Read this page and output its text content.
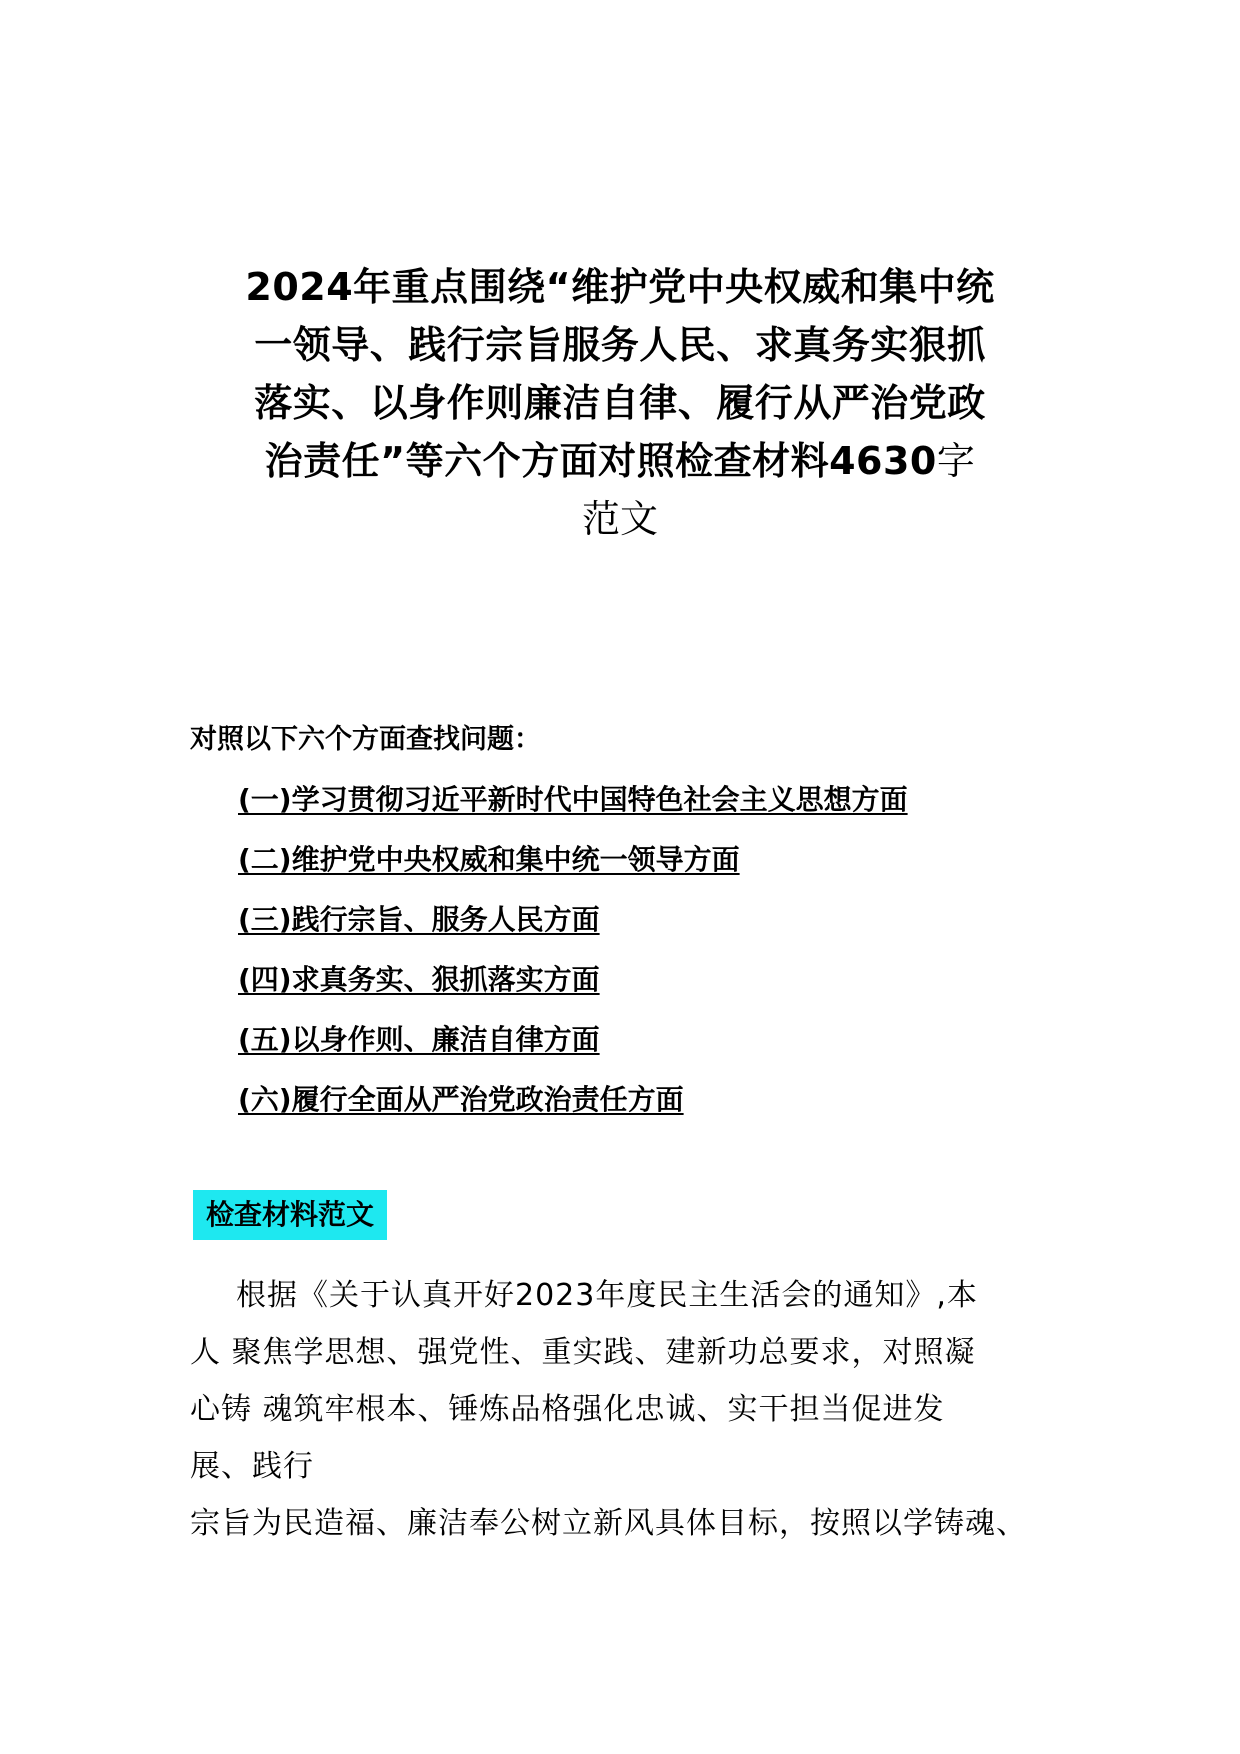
2024年重点围绕“维护党中央权威和集中统
一领导、践行宗旨服务人民、求真务实狠抓
落实、以身作则廉洁自律、履行从严治党政
治责任”等六个方面对照检查材料4630字
范文
对照以下六个方面查找问题：
(一)学习贯彻习近平新时代中国特色社会主义思想方面
(二)维护党中央权威和集中统一领导方面
(三)践行宗旨、服务人民方面
(四)求真务实、狠抓落实方面
(五)以身作则、廉洁自律方面
(六)履行全面从严治党政治责任方面
检查材料范文
根据《关于认真开好2023年度民主生活会的通知》,本
人 聚焦学思想、强党性、重实践、建新功总要求，对照凝
心铸 魂筑牢根本、锤炼品格强化忠诚、实干担当促进发
展、践行
宗旨为民造福、廉洁奉公树立新风具体目标，按照以学铸魂、
